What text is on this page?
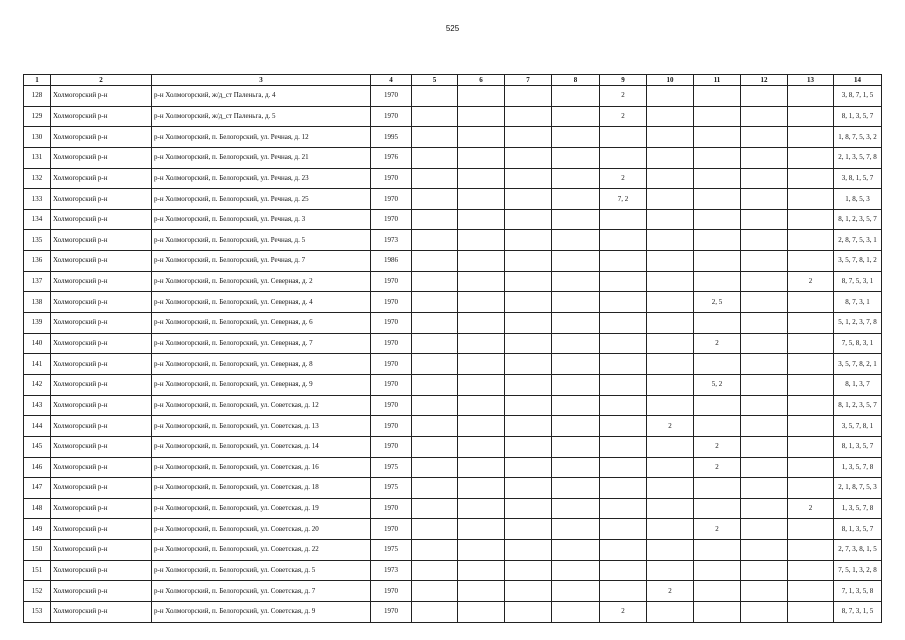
525
1	2	3	4	5	6	7	8	9	10	11	12	13	14
128	Холмогорский р-н	р-н Холмогорский, ж/д_ст Паленьга, д. 4	1970					2					3, 8, 7, 1, 5
129	Холмогорский р-н	р-н Холмогорский, ж/д_ст Паленьга, д. 5	1970					2					8, 1, 3, 5, 7
130	Холмогорский р-н	р-н Холмогорский, п. Белогорский, ул. Речная, д. 12	1995										1, 8, 7, 5, 3, 2
131	Холмогорский р-н	р-н Холмогорский, п. Белогорский, ул. Речная, д. 21	1976										2, 1, 3, 5, 7, 8
132	Холмогорский р-н	р-н Холмогорский, п. Белогорский, ул. Речная, д. 23	1970					2					3, 8, 1, 5, 7
133	Холмогорский р-н	р-н Холмогорский, п. Белогорский, ул. Речная, д. 25	1970					7, 2					1, 8, 5, 3
134	Холмогорский р-н	р-н Холмогорский, п. Белогорский, ул. Речная, д. 3	1970										8, 1, 2, 3, 5, 7
135	Холмогорский р-н	р-н Холмогорский, п. Белогорский, ул. Речная, д. 5	1973										2, 8, 7, 5, 3, 1
136	Холмогорский р-н	р-н Холмогорский, п. Белогорский, ул. Речная, д. 7	1986										3, 5, 7, 8, 1, 2
137	Холмогорский р-н	р-н Холмогорский, п. Белогорский, ул. Северная, д. 2	1970									2	8, 7, 5, 3, 1
138	Холмогорский р-н	р-н Холмогорский, п. Белогорский, ул. Северная, д. 4	1970							2, 5			8, 7, 3, 1
139	Холмогорский р-н	р-н Холмогорский, п. Белогорский, ул. Северная, д. 6	1970										5, 1, 2, 3, 7, 8
140	Холмогорский р-н	р-н Холмогорский, п. Белогорский, ул. Северная, д. 7	1970							2			7, 5, 8, 3, 1
141	Холмогорский р-н	р-н Холмогорский, п. Белогорский, ул. Северная, д. 8	1970										3, 5, 7, 8, 2, 1
142	Холмогорский р-н	р-н Холмогорский, п. Белогорский, ул. Северная, д. 9	1970							5, 2			8, 1, 3, 7
143	Холмогорский р-н	р-н Холмогорский, п. Белогорский, ул. Советская, д. 12	1970										8, 1, 2, 3, 5, 7
144	Холмогорский р-н	р-н Холмогорский, п. Белогорский, ул. Советская, д. 13	1970						2				3, 5, 7, 8, 1
145	Холмогорский р-н	р-н Холмогорский, п. Белогорский, ул. Советская, д. 14	1970							2			8, 1, 3, 5, 7
146	Холмогорский р-н	р-н Холмогорский, п. Белогорский, ул. Советская, д. 16	1975							2			1, 3, 5, 7, 8
147	Холмогорский р-н	р-н Холмогорский, п. Белогорский, ул. Советская, д. 18	1975										2, 1, 8, 7, 5, 3
148	Холмогорский р-н	р-н Холмогорский, п. Белогорский, ул. Советская, д. 19	1970									2	1, 3, 5, 7, 8
149	Холмогорский р-н	р-н Холмогорский, п. Белогорский, ул. Советская, д. 20	1970							2			8, 1, 3, 5, 7
150	Холмогорский р-н	р-н Холмогорский, п. Белогорский, ул. Советская, д. 22	1975										2, 7, 3, 8, 1, 5
151	Холмогорский р-н	р-н Холмогорский, п. Белогорский, ул. Советская, д. 5	1973										7, 5, 1, 3, 2, 8
152	Холмогорский р-н	р-н Холмогорский, п. Белогорский, ул. Советская, д. 7	1970						2				7, 1, 3, 5, 8
153	Холмогорский р-н	р-н Холмогорский, п. Белогорский, ул. Советская, д. 9	1970					2					8, 7, 3, 1, 5
